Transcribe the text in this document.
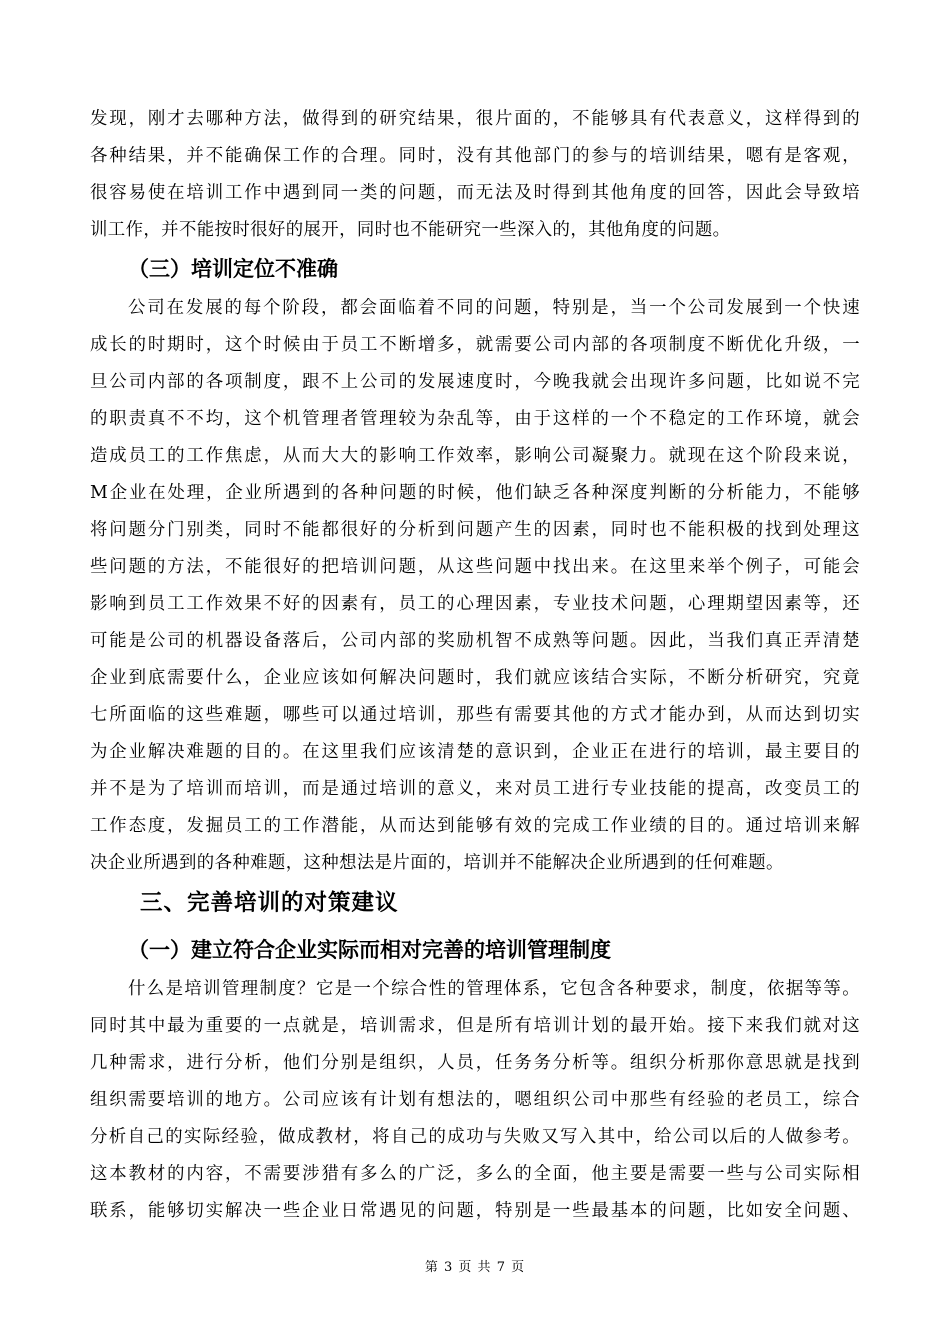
发现，刚才去哪种方法，做得到的研究结果，很片面的，不能够具有代表意义，这样得到的
各种结果，并不能确保工作的合理。同时，没有其他部门的参与的培训结果，嗯有是客观，
很容易使在培训工作中遇到同一类的问题，而无法及时得到其他角度的回答，因此会导致培
训工作，并不能按时很好的展开，同时也不能研究一些深入的，其他角度的问题。
（三）培训定位不准确
公司在发展的每个阶段，都会面临着不同的问题，特别是，当一个公司发展到一个快速
成长的时期时，这个时候由于员工不断增多，就需要公司内部的各项制度不断优化升级，一
旦公司内部的各项制度，跟不上公司的发展速度时，今晚我就会出现许多问题，比如说不完
的职责真不不均，这个机管理者管理较为杂乱等，由于这样的一个不稳定的工作环境，就会
造成员工的工作焦虑，从而大大的影响工作效率，影响公司凝聚力。就现在这个阶段来说，
M企业在处理，企业所遇到的各种问题的时候，他们缺乏各种深度判断的分析能力，不能够
将问题分门别类，同时不能都很好的分析到问题产生的因素，同时也不能积极的找到处理这
些问题的方法，不能很好的把培训问题，从这些问题中找出来。在这里来举个例子，可能会
影响到员工工作效果不好的因素有，员工的心理因素，专业技术问题，心理期望因素等，还
可能是公司的机器设备落后，公司内部的奖励机智不成熟等问题。因此，当我们真正弄清楚
企业到底需要什么，企业应该如何解决问题时，我们就应该结合实际，不断分析研究，究竟
七所面临的这些难题，哪些可以通过培训，那些有需要其他的方式才能办到，从而达到切实
为企业解决难题的目的。在这里我们应该清楚的意识到，企业正在进行的培训，最主要目的
并不是为了培训而培训，而是通过培训的意义，来对员工进行专业技能的提高，改变员工的
工作态度，发掘员工的工作潜能，从而达到能够有效的完成工作业绩的目的。通过培训来解
决企业所遇到的各种难题，这种想法是片面的，培训并不能解决企业所遇到的任何难题。
三、完善培训的对策建议
（一）建立符合企业实际而相对完善的培训管理制度
什么是培训管理制度？它是一个综合性的管理体系，它包含各种要求，制度，依据等等。
同时其中最为重要的一点就是，培训需求，但是所有培训计划的最开始。接下来我们就对这
几种需求，进行分析，他们分别是组织，人员，任务务分析等。组织分析那你意思就是找到
组织需要培训的地方。公司应该有计划有想法的，嗯组织公司中那些有经验的老员工，综合
分析自己的实际经验，做成教材，将自己的成功与失败又写入其中，给公司以后的人做参考。
这本教材的内容，不需要涉猎有多么的广泛，多么的全面，他主要是需要一些与公司实际相
联系，能够切实解决一些企业日常遇见的问题，特别是一些最基本的问题，比如安全问题、
第 3 页 共 7 页
